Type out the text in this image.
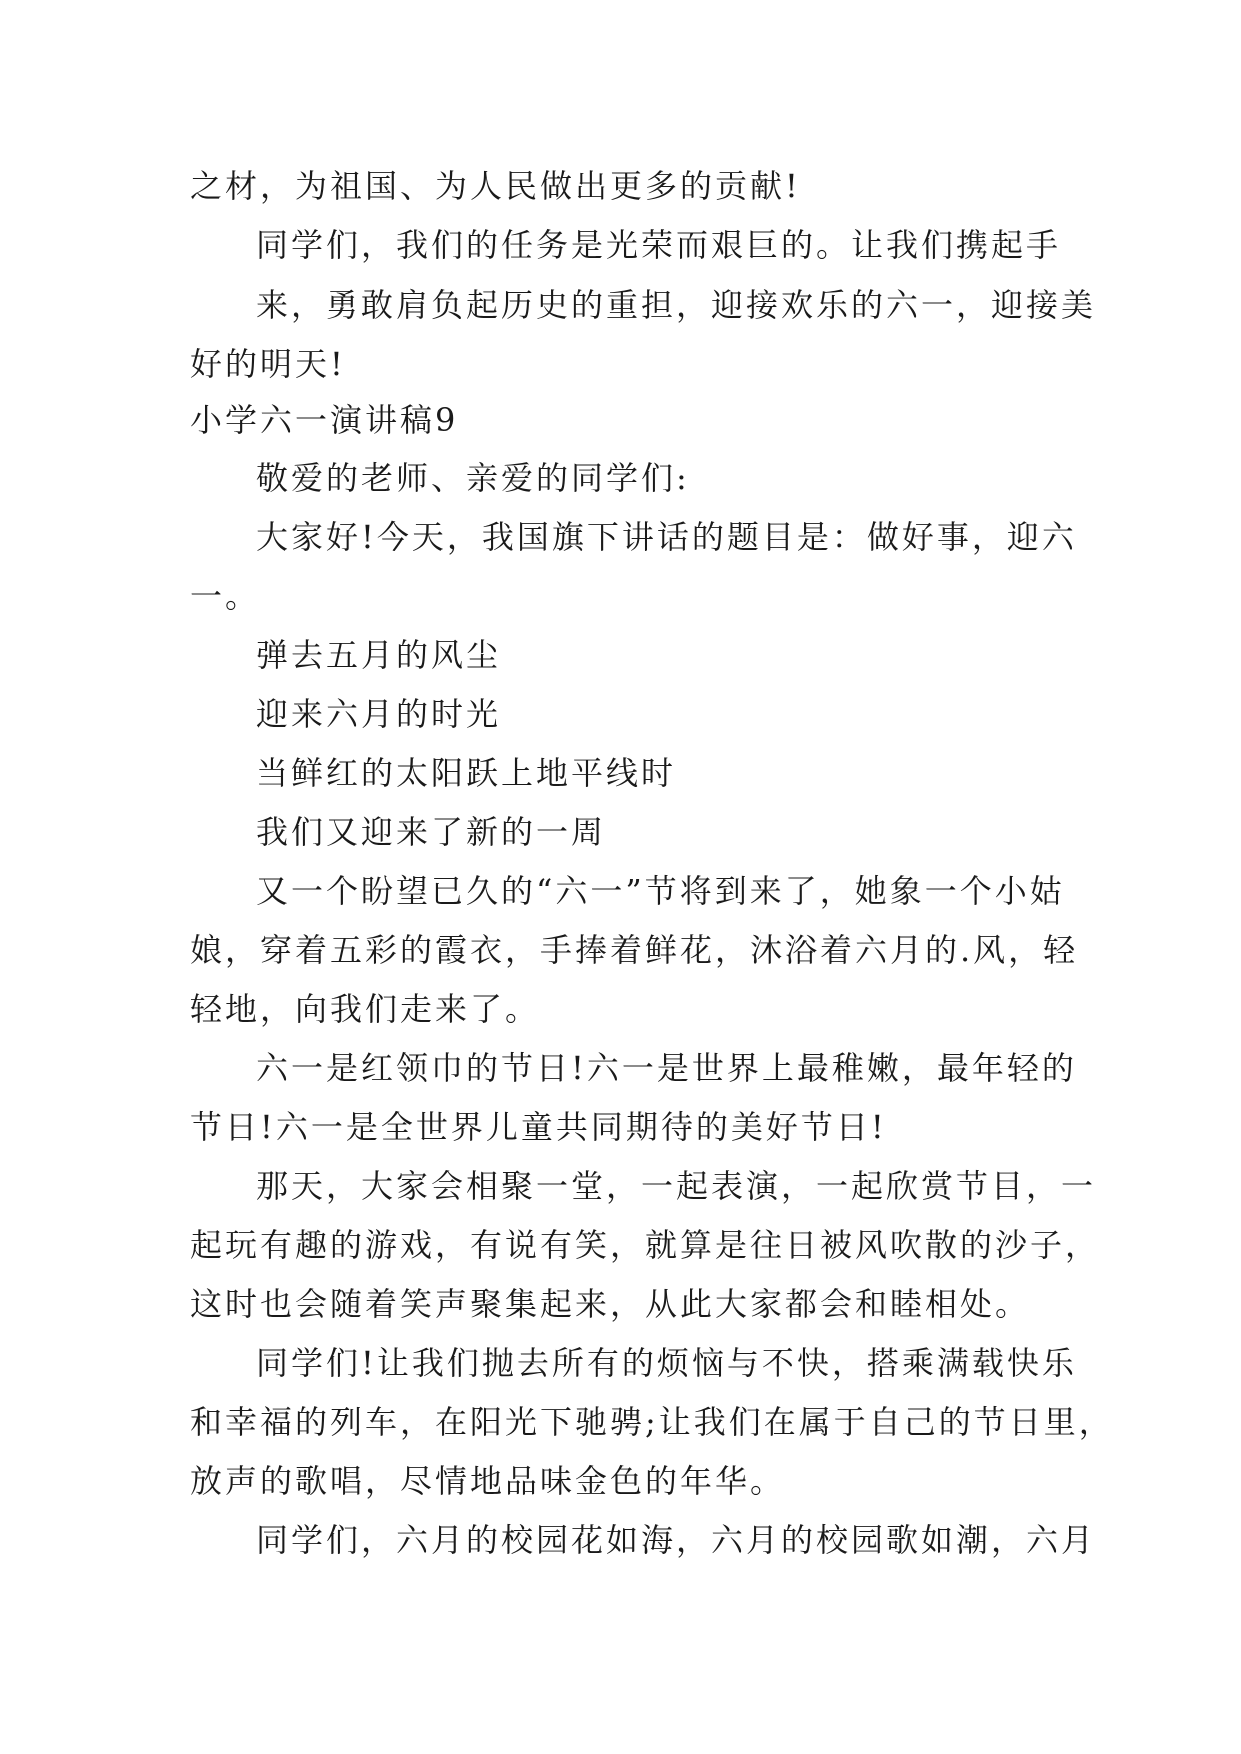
之材，为祖国、为人民做出更多的贡献!
同学们，我们的任务是光荣而艰巨的。让我们携起手
来，勇敢肩负起历史的重担，迎接欢乐的六一，迎接美
好的明天!
小学六一演讲稿9
敬爱的老师、亲爱的同学们:
大家好!今天，我国旗下讲话的题目是：做好事，迎六
一。
弹去五月的风尘
迎来六月的时光
当鲜红的太阳跃上地平线时
我们又迎来了新的一周
又一个盼望已久的“六一”节将到来了，她象一个小姑
娘，穿着五彩的霞衣，手捧着鲜花，沐浴着六月的.风，轻
轻地，向我们走来了。
六一是红领巾的节日!六一是世界上最稚嫩，最年轻的
节日!六一是全世界儿童共同期待的美好节日!
那天，大家会相聚一堂，一起表演，一起欣赏节目，一
起玩有趣的游戏，有说有笑，就算是往日被风吹散的沙子，
这时也会随着笑声聚集起来，从此大家都会和睦相处。
同学们!让我们抛去所有的烦恼与不快，搭乘满载快乐
和幸福的列车，在阳光下驰骋;让我们在属于自己的节日里，
放声的歌唱，尽情地品味金色的年华。
同学们，六月的校园花如海，六月的校园歌如潮，六月
